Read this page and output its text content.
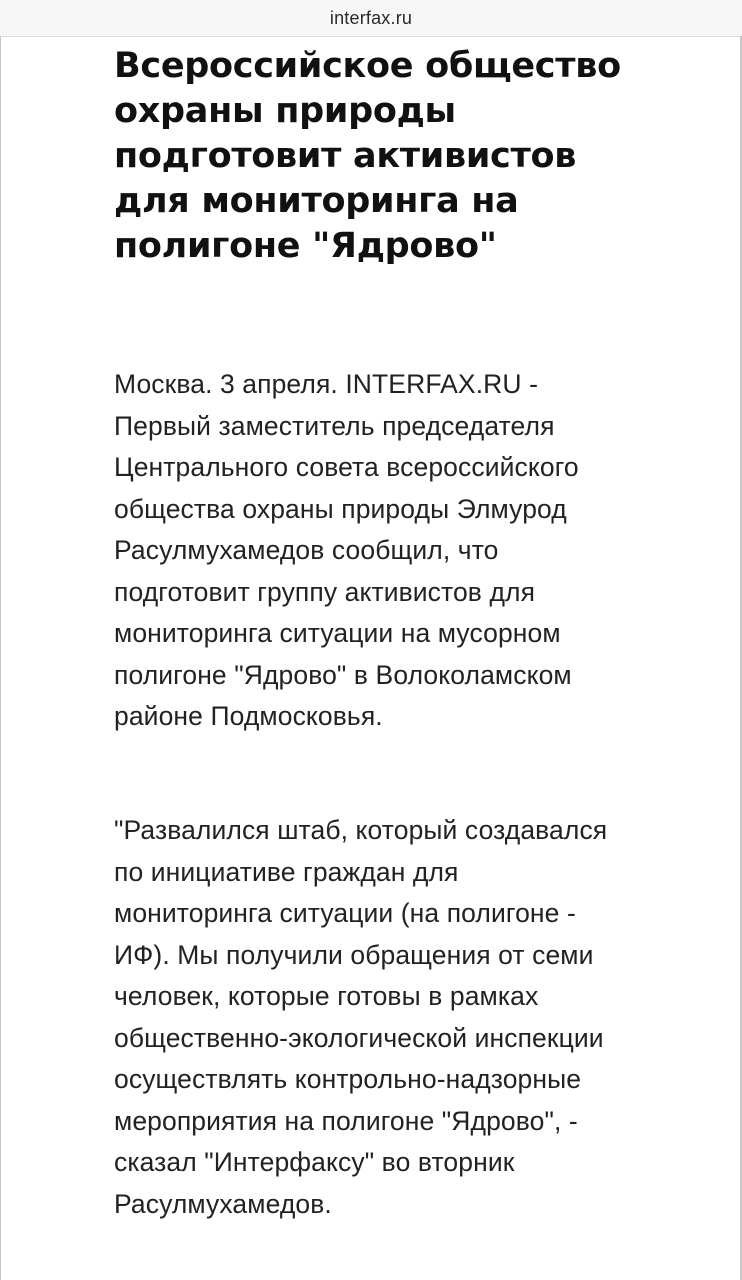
interfax.ru
Всероссийское общество охраны природы подготовит активистов для мониторинга на полигоне "Ядрово"

Москва. 3 апреля. INTERFAX.RU - Первый заместитель председателя Центрального совета всероссийского общества охраны природы Элмурод Расулмухамедов сообщил, что подготовит группу активистов для мониторинга ситуации на мусорном полигоне "Ядрово" в Волоколамском районе Подмосковья.

"Развалился штаб, который создавался по инициативе граждан для мониторинга ситуации (на полигоне - ИФ). Мы получили обращения от семи человек, которые готовы в рамках общественно-экологической инспекции осуществлять контрольно-надзорные мероприятия на полигоне "Ядрово", - сказал "Интерфаксу" во вторник Расулмухамедов.
